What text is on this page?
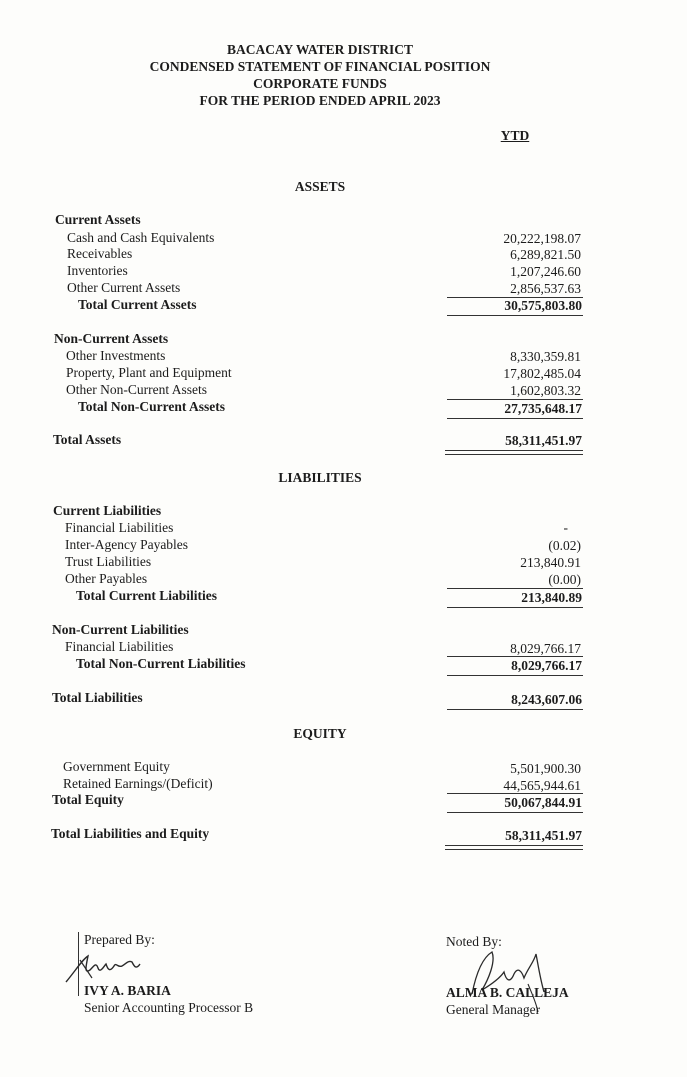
BACACAY WATER DISTRICT
CONDENSED STATEMENT OF FINANCIAL POSITION
CORPORATE FUNDS
FOR THE PERIOD ENDED APRIL 2023
YTD
ASSETS
Current Assets
Cash and Cash Equivalents	20,222,198.07
Receivables	6,289,821.50
Inventories	1,207,246.60
Other Current Assets	2,856,537.63
Total Current Assets	30,575,803.80
Non-Current Assets
Other Investments	8,330,359.81
Property, Plant and Equipment	17,802,485.04
Other Non-Current Assets	1,602,803.32
Total Non-Current Assets	27,735,648.17
Total Assets	58,311,451.97
LIABILITIES
Current Liabilities
Financial Liabilities	-
Inter-Agency Payables	(0.02)
Trust Liabilities	213,840.91
Other Payables	(0.00)
Total Current Liabilities	213,840.89
Non-Current Liabilities
Financial Liabilities	8,029,766.17
Total Non-Current Liabilities	8,029,766.17
Total Liabilities	8,243,607.06
EQUITY
Government Equity	5,501,900.30
Retained Earnings/(Deficit)	44,565,944.61
Total Equity	50,067,844.91
Total Liabilities and Equity	58,311,451.97
Prepared By:
IVY A. BARIA
Senior Accounting Processor B
Noted By:
ALMA B. CALLEJA
General Manager
